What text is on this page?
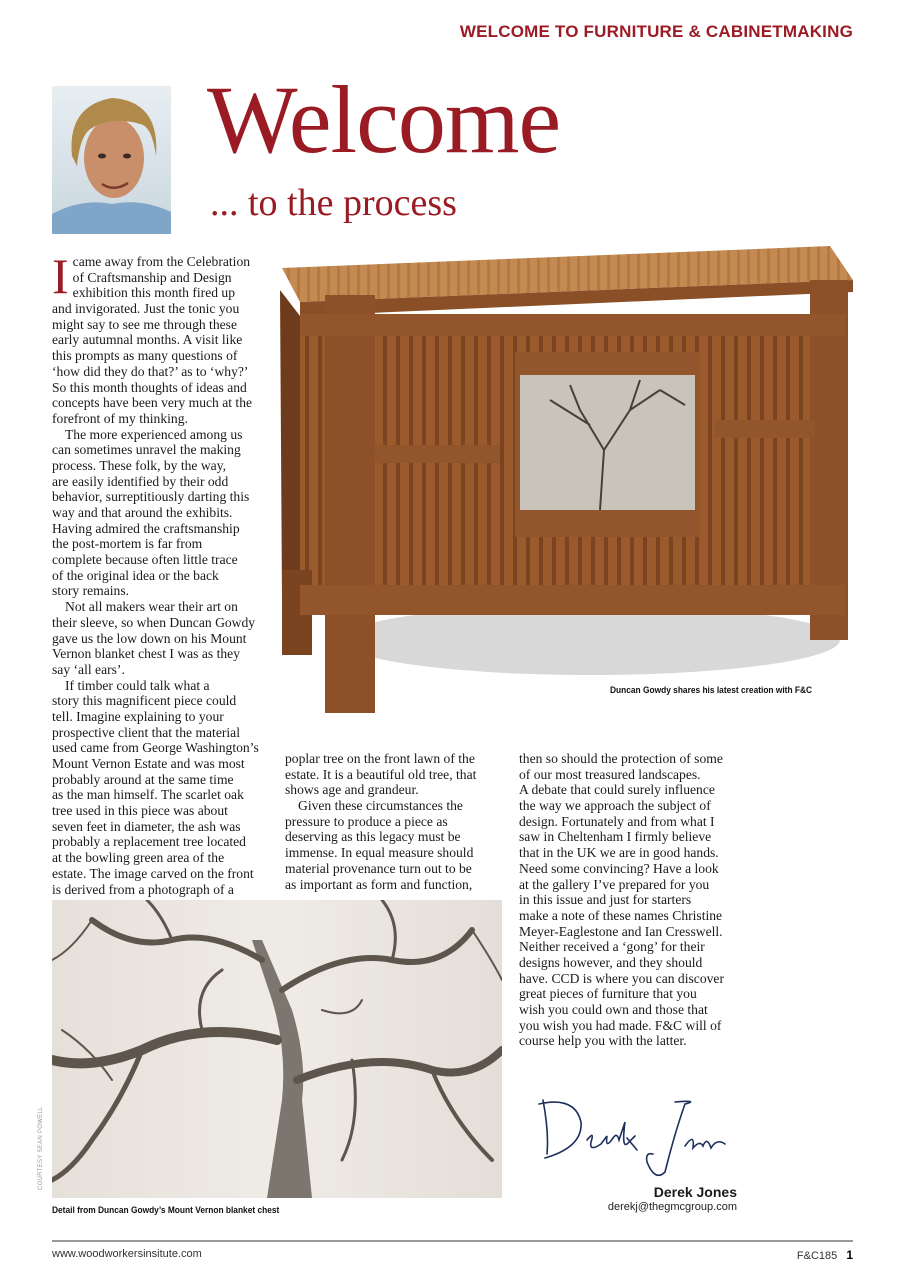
WELCOME TO FURNITURE & CABINETMAKING
Welcome
... to the process
I came away from the Celebration
of Craftsmanship and Design
exhibition this month fired up
and invigorated. Just the tonic you
might say to see me through these
early autumnal months. A visit like
this prompts as many questions of
‘how did they do that?’ as to ‘why?’
So this month thoughts of ideas and
concepts have been very much at the
forefront of my thinking.
The more experienced among us
can sometimes unravel the making
process. These folk, by the way,
are easily identified by their odd
behavior, surreptitiously darting this
way and that around the exhibits.
Having admired the craftsmanship
the post-mortem is far from
complete because often little trace
of the original idea or the back
story remains.
Not all makers wear their art on
their sleeve, so when Duncan Gowdy
gave us the low down on his Mount
Vernon blanket chest I was as they
say ‘all ears’.
If timber could talk what a
story this magnificent piece could
tell. Imagine explaining to your
prospective client that the material
used came from George Washington’s
Mount Vernon Estate and was most
probably around at the same time
as the man himself. The scarlet oak
tree used in this piece was about
seven feet in diameter, the ash was
probably a replacement tree located
at the bowling green area of the
estate. The image carved on the front
is derived from a photograph of a
poplar tree on the front lawn of the
estate. It is a beautiful old tree, that
shows age and grandeur.
Given these circumstances the
pressure to produce a piece as
deserving as this legacy must be
immense. In equal measure should
material provenance turn out to be
as important as form and function,
then so should the protection of some
of our most treasured landscapes.
A debate that could surely influence
the way we approach the subject of
design. Fortunately and from what I
saw in Cheltenham I firmly believe
that in the UK we are in good hands.
Need some convincing? Have a look
at the gallery I’ve prepared for you
in this issue and just for starters
make a note of these names Christine
Meyer-Eaglestone and Ian Cresswell.
Neither received a ‘gong’ for their
designs however, and they should
have. CCD is where you can discover
great pieces of furniture that you
wish you could own and those that
you wish you had made. F&C will of
course help you with the latter.
Duncan Gowdy shares his latest creation with F&C
COURTESY SEAN POWELL
Detail from Duncan Gowdy’s Mount Vernon blanket chest
Derek Jones
derekj@thegmcgroup.com
www.woodworkersinsitute.com	F&C185 1
